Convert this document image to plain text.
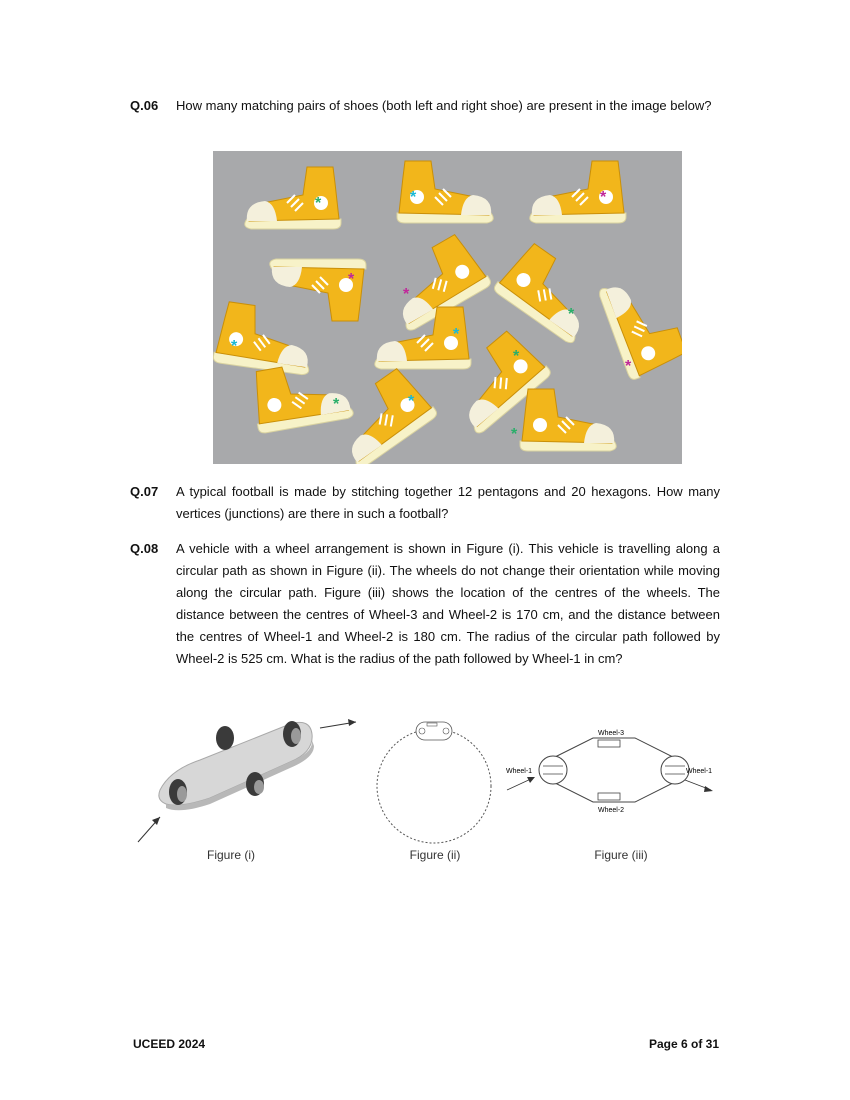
Q.06 How many matching pairs of shoes (both left and right shoe) are present in the image below?
*	*	*
*
*
*
*
*
*
*
*	*
*
Q.07 A typical football is made by stitching together 12 pentagons and 20 hexagons. How many vertices (junctions) are there in such a football?
Q.08 A vehicle with a wheel arrangement is shown in Figure (i). This vehicle is travelling along a circular path as shown in Figure (ii). The wheels do not change their orientation while moving along the circular path. Figure (iii) shows the location of the centres of the wheels. The distance between the centres of Wheel-3 and Wheel-2 is 170 cm, and the distance between the centres of Wheel-1 and Wheel-2 is 180 cm. The radius of the circular path followed by Wheel-2 is 525 cm. What is the radius of the path followed by Wheel-1 in cm?
Wheel-3
Wheel-2
Wheel-1	Wheel-1
Figure (i)	Figure (ii)	Figure (iii)
UCEED 2024	Page 6 of 31
